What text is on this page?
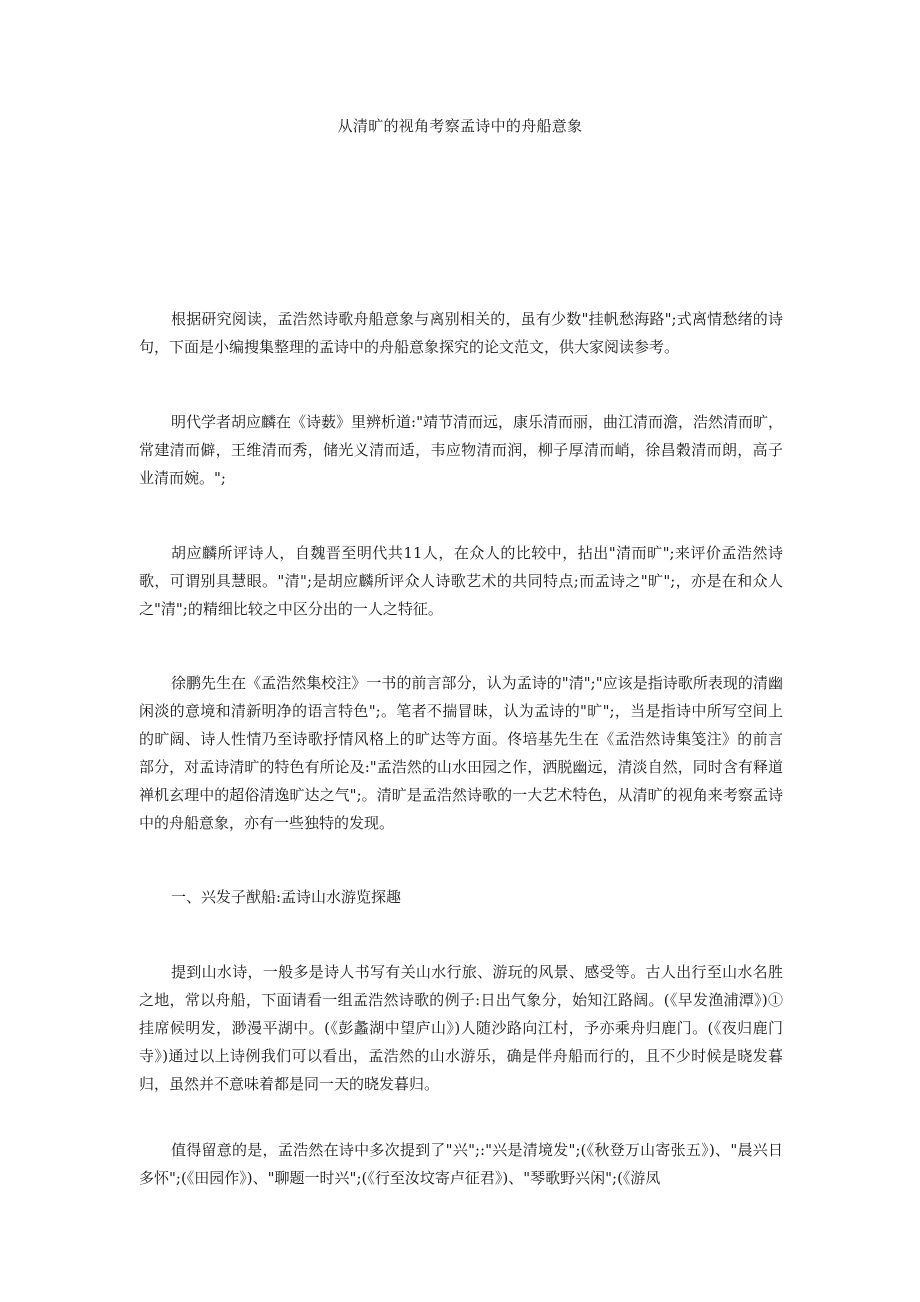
从清旷的视角考察孟诗中的舟船意象

根据研究阅读，孟浩然诗歌舟船意象与离别相关的，虽有少数"挂帆愁海路";式离情愁绪的诗句，下面是小编搜集整理的孟诗中的舟船意象探究的论文范文，供大家阅读参考。

明代学者胡应麟在《诗薮》里辨析道:"靖节清而远，康乐清而丽，曲江清而澹，浩然清而旷，常建清而僻，王维清而秀，储光义清而适，韦应物清而润，柳子厚清而峭，徐昌穀清而朗，高子业清而婉。";

胡应麟所评诗人，自魏晋至明代共11人，在众人的比较中，拈出"清而旷";来评价孟浩然诗歌，可谓别具慧眼。"清";是胡应麟所评众人诗歌艺术的共同特点;而孟诗之"旷";，亦是在和众人之"清";的精细比较之中区分出的一人之特征。

徐鹏先生在《孟浩然集校注》一书的前言部分，认为孟诗的"清";"应该是指诗歌所表现的清幽闲淡的意境和清新明净的语言特色";。笔者不揣冒昧，认为孟诗的"旷";，当是指诗中所写空间上的旷阔、诗人性情乃至诗歌抒情风格上的旷达等方面。佟培基先生在《孟浩然诗集笺注》的前言部分，对孟诗清旷的特色有所论及:"孟浩然的山水田园之作，洒脱幽远，清淡自然，同时含有释道禅机玄理中的超俗清逸旷达之气";。清旷是孟浩然诗歌的一大艺术特色，从清旷的视角来考察孟诗中的舟船意象，亦有一些独特的发现。

一、兴发子猷船:孟诗山水游览探趣

提到山水诗，一般多是诗人书写有关山水行旅、游玩的风景、感受等。古人出行至山水名胜之地，常以舟船，下面请看一组孟浩然诗歌的例子:日出气象分，始知江路阔。(《早发渔浦潭》)①挂席候明发，渺漫平湖中。(《彭蠡湖中望庐山》)人随沙路向江村，予亦乘舟归鹿门。(《夜归鹿门寺》)通过以上诗例我们可以看出，孟浩然的山水游乐，确是伴舟船而行的，且不少时候是晓发暮归，虽然并不意味着都是同一天的晓发暮归。

值得留意的是，孟浩然在诗中多次提到了"兴";:"兴是清境发";(《秋登万山寄张五》)、"晨兴日多怀";(《田园作》)、"聊题一时兴";(《行至汝坟寄卢征君》)、"琴歌野兴闲";(《游凤
